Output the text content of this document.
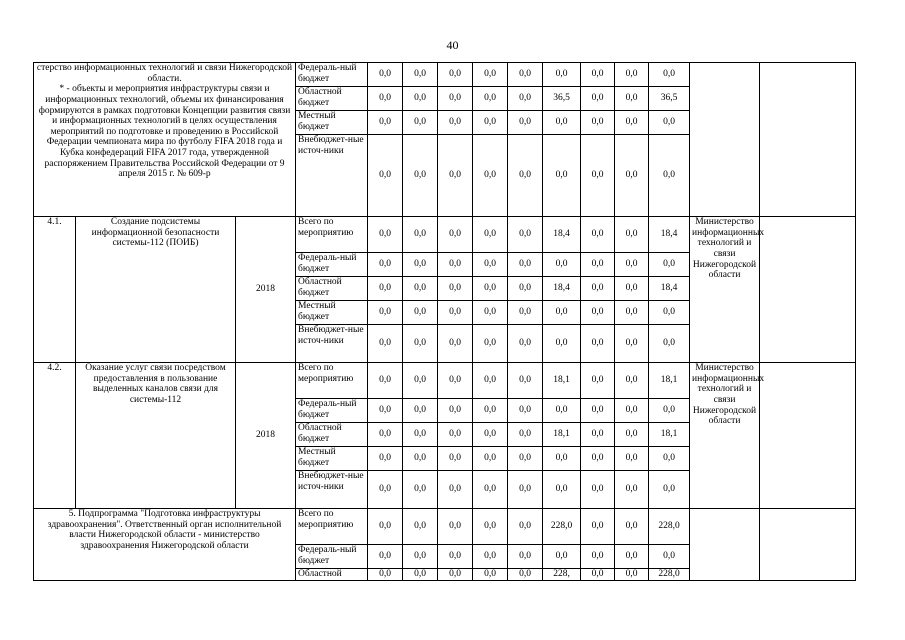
40
стерство информационных технологий и связи Нижегородской области.
* - объекты и мероприятия инфраструктуры связи и информационных технологий, объемы их финансирования формируются в рамках подготовки Концепции развития связи и информационных технологий в целях осуществления мероприятий по подготовке и проведению в Российской Федерации чемпионата мира по футболу FIFA 2018 года и Кубка конфедераций FIFA 2017 года, утвержденной распоряжением Правительства Российской Федерации от 9 апреля 2015 г. № 609-р			Федераль-ный бюджет	0,0	0,0	0,0	0,0	0,0	0,0	0,0	0,0	0,0		
			Областной бюджет	0,0	0,0	0,0	0,0	0,0	36,5	0,0	0,0	36,5		
			Местный бюджет	0,0	0,0	0,0	0,0	0,0	0,0	0,0	0,0	0,0		
			Внебюджет-ные источ-ники	0,0	0,0	0,0	0,0	0,0	0,0	0,0	0,0	0,0		
4.1.	Создание подсистемы информационной безопасности системы-112 (ПОИБ)	2018	Всего по мероприятию	0,0	0,0	0,0	0,0	0,0	18,4	0,0	0,0	18,4	Министерство информационных технологий и связи Нижегородской области	
			Федераль-ный бюджет	0,0	0,0	0,0	0,0	0,0	0,0	0,0	0,0	0,0		
			Областной бюджет	0,0	0,0	0,0	0,0	0,0	18,4	0,0	0,0	18,4		
			Местный бюджет	0,0	0,0	0,0	0,0	0,0	0,0	0,0	0,0	0,0		
			Внебюджет-ные источ-ники	0,0	0,0	0,0	0,0	0,0	0,0	0,0	0,0	0,0		
4.2.	Оказание услуг связи посредством предоставления в пользование выделенных каналов связи для системы-112	2018	Всего по мероприятию	0,0	0,0	0,0	0,0	0,0	18,1	0,0	0,0	18,1	Министерство информационных технологий и связи Нижегородской области	
			Федераль-ный бюджет	0,0	0,0	0,0	0,0	0,0	0,0	0,0	0,0	0,0		
			Областной бюджет	0,0	0,0	0,0	0,0	0,0	18,1	0,0	0,0	18,1		
			Местный бюджет	0,0	0,0	0,0	0,0	0,0	0,0	0,0	0,0	0,0		
			Внебюджет-ные источ-ники	0,0	0,0	0,0	0,0	0,0	0,0	0,0	0,0	0,0		
5. Подпрограмма "Подготовка инфраструктуры здравоохранения". Ответственный орган исполнительной власти Нижегородской области - министерство здравоохранения Нижегородской области			Всего по мероприятию	0,0	0,0	0,0	0,0	0,0	228,0	0,0	0,0	228,0		
			Федераль-ный бюджет	0,0	0,0	0,0	0,0	0,0	0,0	0,0	0,0	0,0		
			Областной	0,0	0,0	0,0	0,0	0,0	228,	0,0	0,0	228,0		
